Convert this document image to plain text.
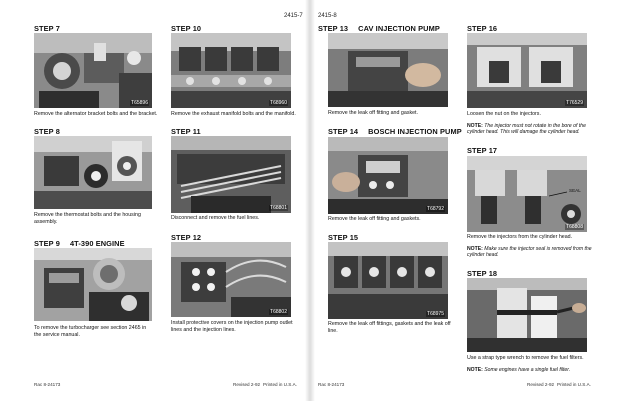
2415-7
STEP 7
T65896
Remove the alternator bracket bolts and the bracket.
STEP 8
Remove the thermostat bolts and the housing assembly.
STEP 9 4T-390 ENGINE
To remove the turbocharger see section 2465 in the service manual.
STEP 10
T68960
Remove the exhaust manifold bolts and the manifold.
STEP 11
T68801
Disconnect and remove the fuel lines.
STEP 12
T68802
Install protective covers on the injection pump outlet lines and the injection lines.
Rac 8-24173	Revised 2-92 Printed in U.S.A.
2415-8
STEP 13 CAV INJECTION PUMP
Remove the leak off fitting and gasket.
STEP 14 BOSCH INJECTION PUMP
T68792
Remove the leak off fitting and gaskets.
STEP 15
T68975
Remove the leak off fittings, gaskets and the leak off line.
STEP 16
T76529
Loosen the nut on the injectors.
NOTE: The injector must not rotate in the bore of the cylinder head. This will damage the cylinder head.
STEP 17
SEAL
T68808
Remove the injectors from the cylinder head.
NOTE: Make sure the injector seal is removed from the cylinder head.
STEP 18
Use a strap type wrench to remove the fuel filters.
NOTE: Some engines have a single fuel filter.
Rac 8-24173	Revised 2-92 Printed in U.S.A.
